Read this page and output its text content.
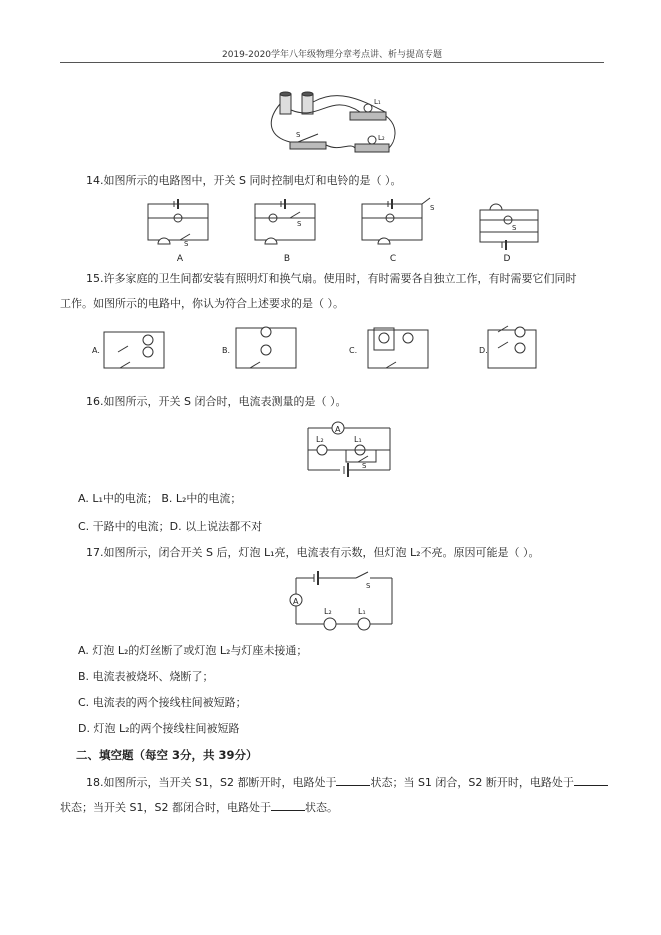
2019-2020学年八年级物理分章考点讲、析与提高专题
S
L₁
L₂
14.如图所示的电路图中，开关 S 同时控制电灯和电铃的是（ ）。
S
S
S
S
A	B	C	D
15.许多家庭的卫生间都安装有照明灯和换气扇。使用时，有时需要各自独立工作，有时需要它们同时
工作。如图所示的电路中，你认为符合上述要求的是（ ）。
A.	B.	C.	D.
16.如图所示，开关 S 闭合时，电流表测量的是（ ）。
A
L₂	L₁
S
A. L₁中的电流； B. L₂中的电流；
C. 干路中的电流；D. 以上说法都不对
17.如图所示，闭合开关 S 后，灯泡 L₁亮，电流表有示数，但灯泡 L₂不亮。原因可能是（ ）。
A
S
L₂	L₁
A. 灯泡 L₂的灯丝断了或灯泡 L₂与灯座未接通；
B. 电流表被烧坏、烧断了；
C. 电流表的两个接线柱间被短路；
D. 灯泡 L₂的两个接线柱间被短路
二、填空题（每空 3分，共 39分）
18.如图所示，当开关 S1，S2 都断开时，电路处于	状态；当 S1 闭合，S2 断开时，电路处于
状态；当开关 S1，S2 都闭合时，电路处于	状态。
